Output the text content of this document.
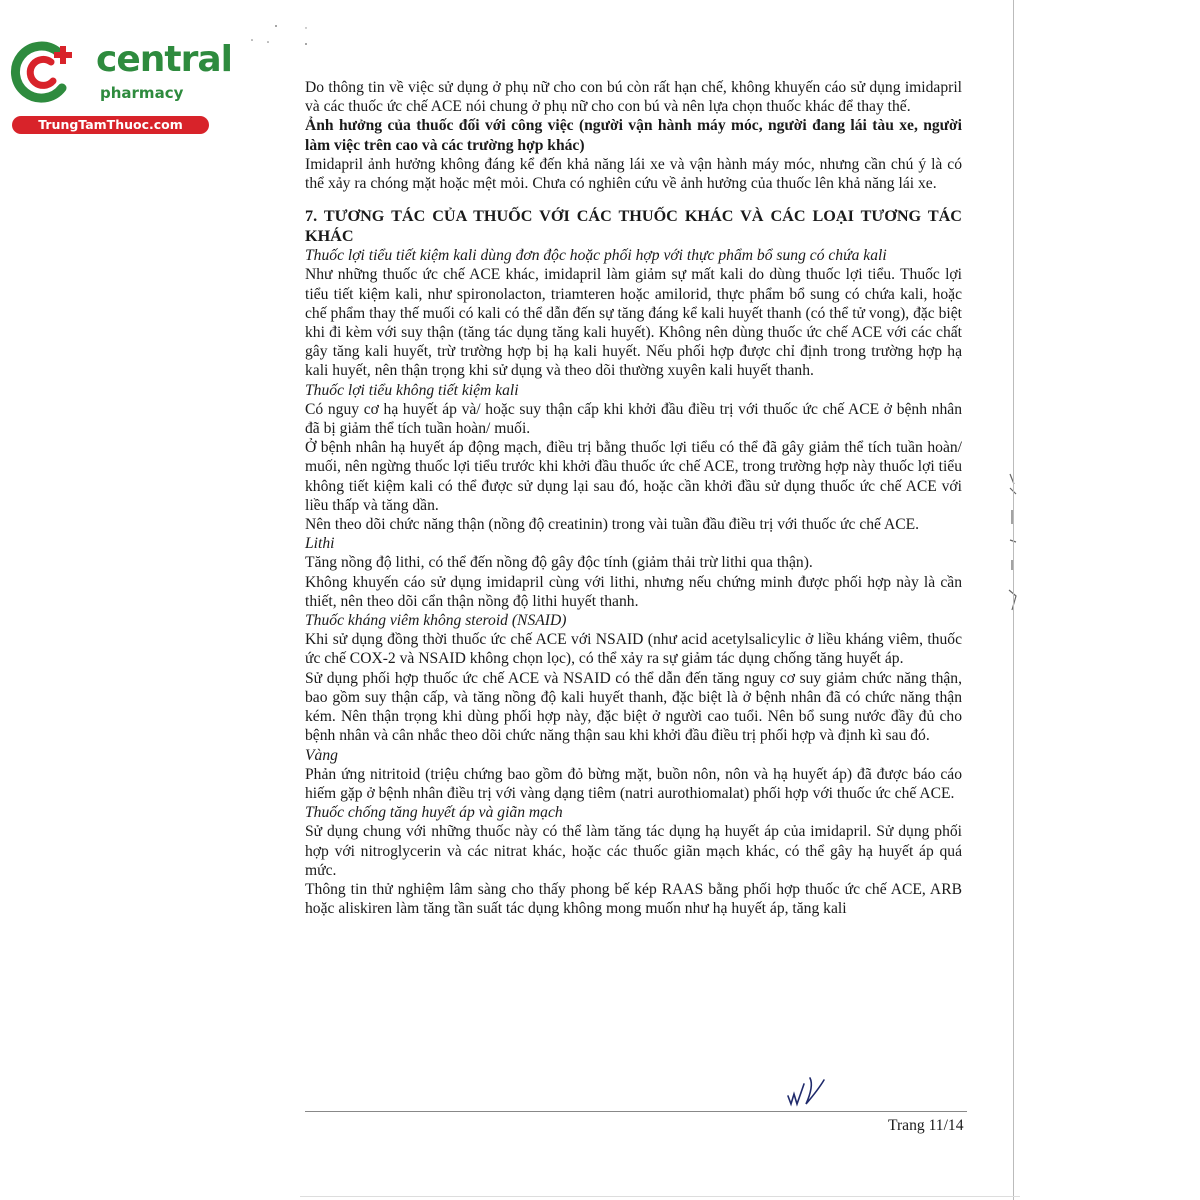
central
pharmacy
TrungTamThuoc.com

Do thông tin về việc sử dụng ở phụ nữ cho con bú còn rất hạn chế, không khuyến cáo sử dụng imidapril và các thuốc ức chế ACE nói chung ở phụ nữ cho con bú và nên lựa chọn thuốc khác để thay thế.

Ảnh hưởng của thuốc đối với công việc (người vận hành máy móc, người đang lái tàu xe, người làm việc trên cao và các trường hợp khác)

Imidapril ảnh hưởng không đáng kể đến khả năng lái xe và vận hành máy móc, nhưng cần chú ý là có thể xảy ra chóng mặt hoặc mệt mỏi. Chưa có nghiên cứu về ảnh hưởng của thuốc lên khả năng lái xe.

7. TƯƠNG TÁC CỦA THUỐC VỚI CÁC THUỐC KHÁC VÀ CÁC LOẠI TƯƠNG TÁC KHÁC

Thuốc lợi tiểu tiết kiệm kali dùng đơn độc hoặc phối hợp với thực phẩm bổ sung có chứa kali

Như những thuốc ức chế ACE khác, imidapril làm giảm sự mất kali do dùng thuốc lợi tiểu. Thuốc lợi tiểu tiết kiệm kali, như spironolacton, triamteren hoặc amilorid, thực phẩm bổ sung có chứa kali, hoặc chế phẩm thay thế muối có kali có thể dẫn đến sự tăng đáng kể kali huyết thanh (có thể tử vong), đặc biệt khi đi kèm với suy thận (tăng tác dụng tăng kali huyết). Không nên dùng thuốc ức chế ACE với các chất gây tăng kali huyết, trừ trường hợp bị hạ kali huyết. Nếu phối hợp được chỉ định trong trường hợp hạ kali huyết, nên thận trọng khi sử dụng và theo dõi thường xuyên kali huyết thanh.

Thuốc lợi tiểu không tiết kiệm kali

Có nguy cơ hạ huyết áp và/ hoặc suy thận cấp khi khởi đầu điều trị với thuốc ức chế ACE ở bệnh nhân đã bị giảm thể tích tuần hoàn/ muối.

Ở bệnh nhân hạ huyết áp động mạch, điều trị bằng thuốc lợi tiểu có thể đã gây giảm thể tích tuần hoàn/ muối, nên ngừng thuốc lợi tiểu trước khi khởi đầu thuốc ức chế ACE, trong trường hợp này thuốc lợi tiểu không tiết kiệm kali có thể được sử dụng lại sau đó, hoặc cần khởi đầu sử dụng thuốc ức chế ACE với liều thấp và tăng dần.

Nên theo dõi chức năng thận (nồng độ creatinin) trong vài tuần đầu điều trị với thuốc ức chế ACE.

Lithi

Tăng nồng độ lithi, có thể đến nồng độ gây độc tính (giảm thải trừ lithi qua thận).

Không khuyến cáo sử dụng imidapril cùng với lithi, nhưng nếu chứng minh được phối hợp này là cần thiết, nên theo dõi cẩn thận nồng độ lithi huyết thanh.

Thuốc kháng viêm không steroid (NSAID)

Khi sử dụng đồng thời thuốc ức chế ACE với NSAID (như acid acetylsalicylic ở liều kháng viêm, thuốc ức chế COX-2 và NSAID không chọn lọc), có thể xảy ra sự giảm tác dụng chống tăng huyết áp.

Sử dụng phối hợp thuốc ức chế ACE và NSAID có thể dẫn đến tăng nguy cơ suy giảm chức năng thận, bao gồm suy thận cấp, và tăng nồng độ kali huyết thanh, đặc biệt là ở bệnh nhân đã có chức năng thận kém. Nên thận trọng khi dùng phối hợp này, đặc biệt ở người cao tuổi. Nên bổ sung nước đầy đủ cho bệnh nhân và cân nhắc theo dõi chức năng thận sau khi khởi đầu điều trị phối hợp và định kì sau đó.

Vàng

Phản ứng nitritoid (triệu chứng bao gồm đỏ bừng mặt, buồn nôn, nôn và hạ huyết áp) đã được báo cáo hiếm gặp ở bệnh nhân điều trị với vàng dạng tiêm (natri aurothiomalat) phối hợp với thuốc ức chế ACE.

Thuốc chống tăng huyết áp và giãn mạch

Sử dụng chung với những thuốc này có thể làm tăng tác dụng hạ huyết áp của imidapril. Sử dụng phối hợp với nitroglycerin và các nitrat khác, hoặc các thuốc giãn mạch khác, có thể gây hạ huyết áp quá mức.

Thông tin thử nghiệm lâm sàng cho thấy phong bế kép RAAS bằng phối hợp thuốc ức chế ACE, ARB hoặc aliskiren làm tăng tần suất tác dụng không mong muốn như hạ huyết áp, tăng kali

Trang 11/14
